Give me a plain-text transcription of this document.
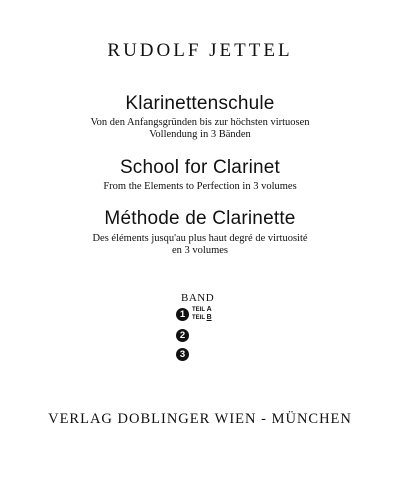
RUDOLF JETTEL
Klarinettenschule
Von den Anfangsgründen bis zur höchsten virtuosen
Vollendung in 3 Bänden
School for Clarinet
From the Elements to Perfection in 3 volumes
Méthode de Clarinette
Des éléments jusqu'au plus haut degré de virtuosité
en 3 volumes
BAND
1	TEIL A
TEIL B
2
3
VERLAG DOBLINGER WIEN - MÜNCHEN
